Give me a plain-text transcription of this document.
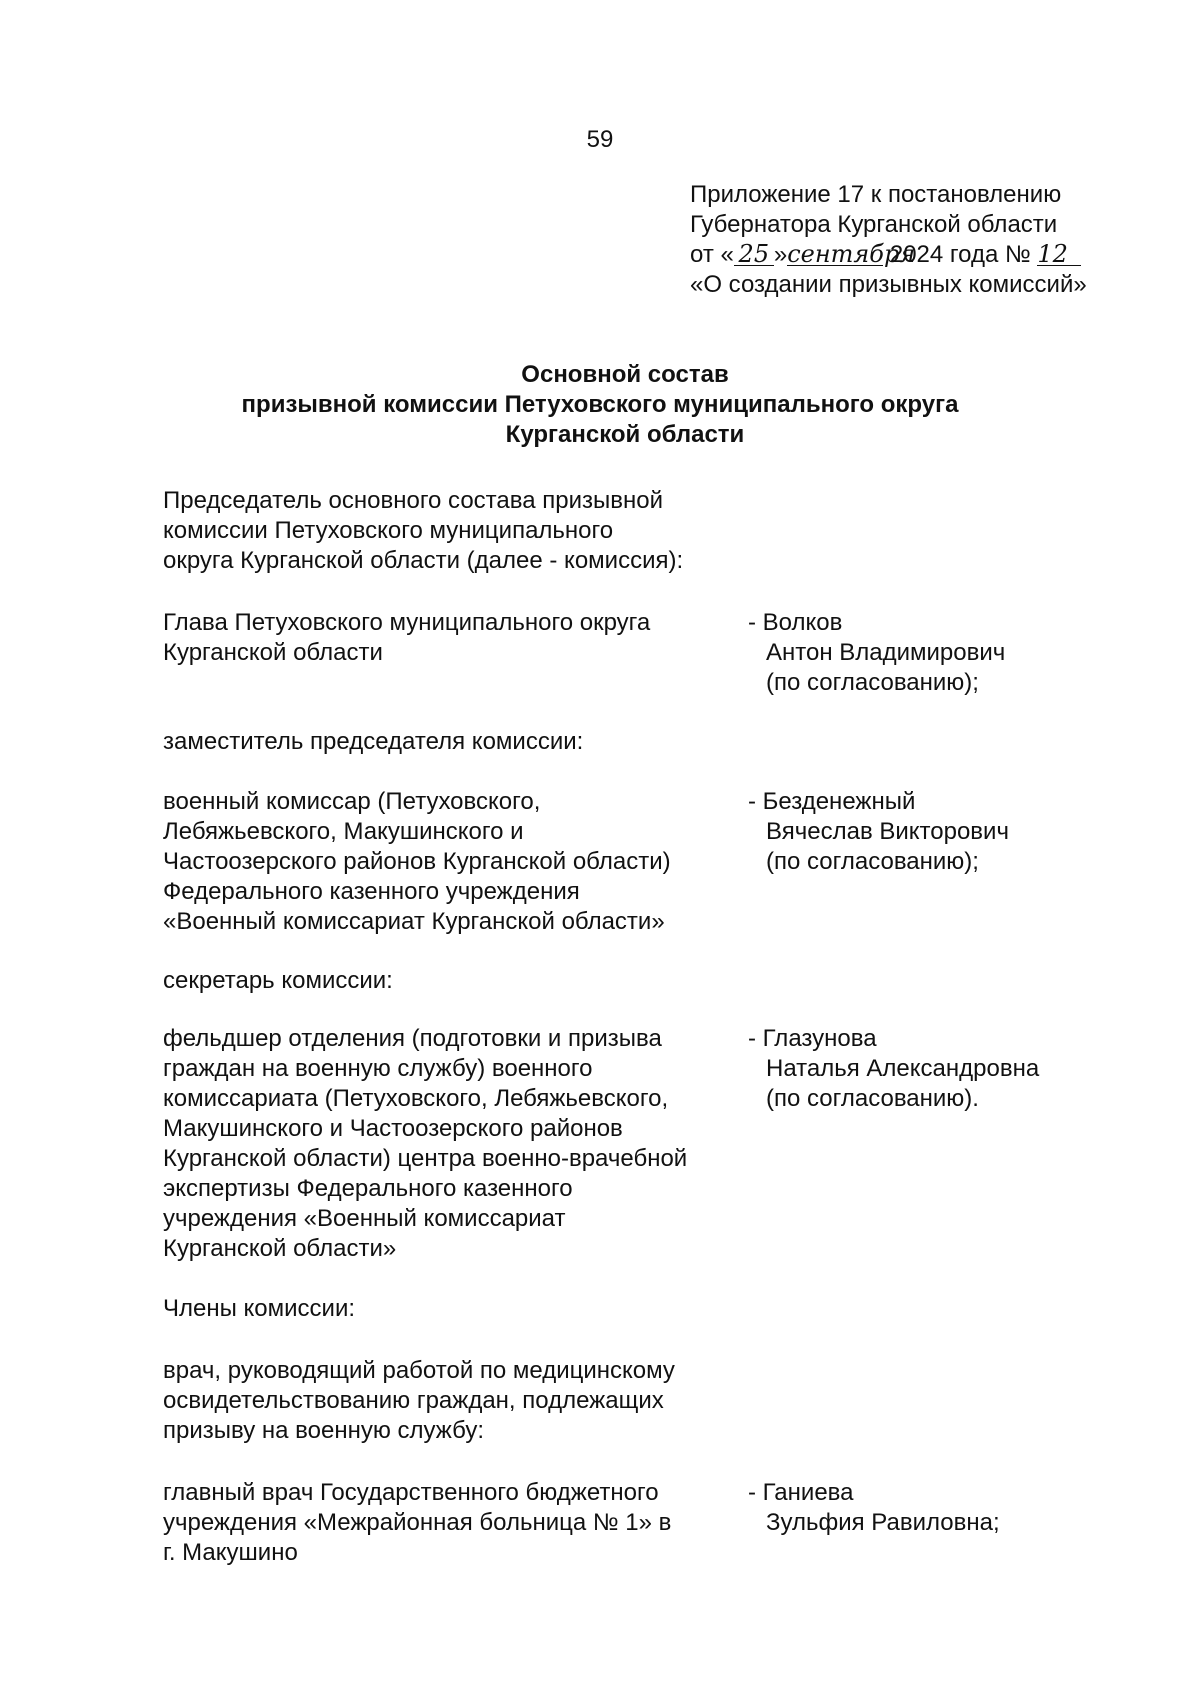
59
Приложение 17 к постановлению
Губернатора Курганской области
от « 25 »сентября 2024 года № 12
«О создании призывных комиссий»
Основной состав
призывной комиссии Петуховского муниципального округа
Курганской области
Председатель основного состава призывной
комиссии Петуховского муниципального
округа Курганской области (далее - комиссия):
Глава Петуховского муниципального округа
Курганской области
- Волков
Антон Владимирович
(по согласованию);
заместитель председателя комиссии:
военный комиссар (Петуховского,
Лебяжьевского, Макушинского и
Частоозерского районов Курганской области)
Федерального казенного учреждения
«Военный комиссариат Курганской области»
- Безденежный
Вячеслав Викторович
(по согласованию);
секретарь комиссии:
фельдшер отделения (подготовки и призыва
граждан на военную службу) военного
комиссариата (Петуховского, Лебяжьевского,
Макушинского и Частоозерского районов
Курганской области) центра военно-врачебной
экспертизы Федерального казенного
учреждения «Военный комиссариат
Курганской области»
- Глазунова
Наталья Александровна
(по согласованию).
Члены комиссии:
врач, руководящий работой по медицинскому
освидетельствованию граждан, подлежащих
призыву на военную службу:
главный врач Государственного бюджетного
учреждения «Межрайонная больница № 1» в
г. Макушино
- Ганиева
Зульфия Равиловна;
